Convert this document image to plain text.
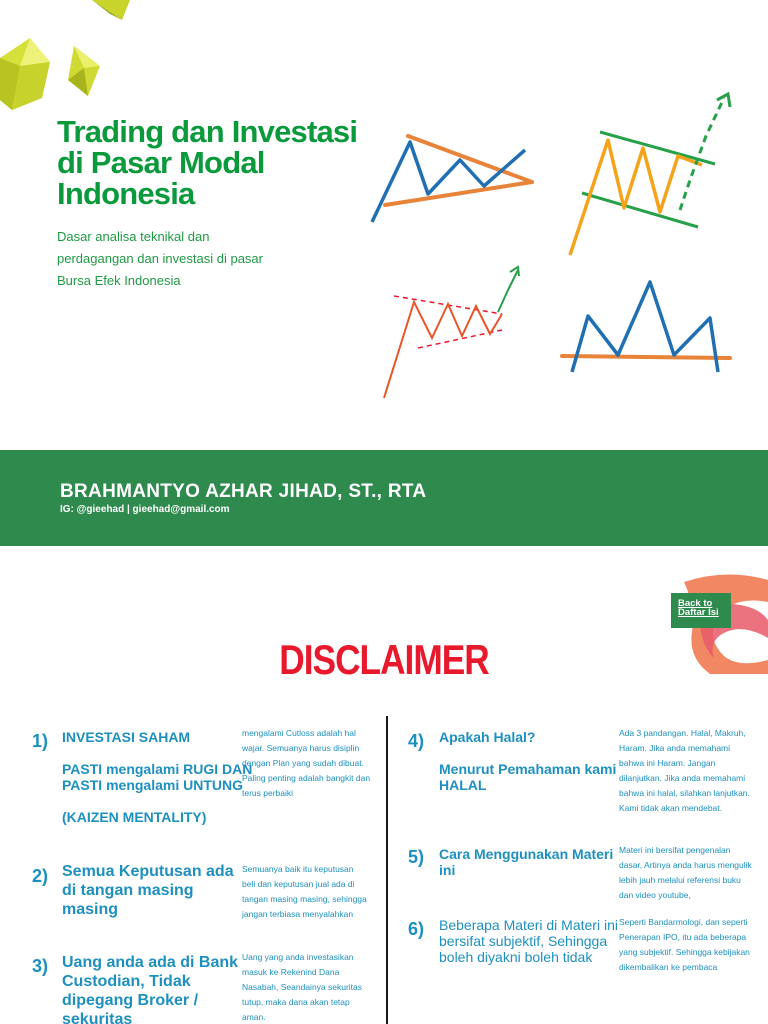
Trading dan Investasi
di Pasar Modal
Indonesia
Dasar analisa teknikal dan
perdagangan dan investasi di pasar
Bursa Efek Indonesia
BRAHMANTYO AZHAR JIHAD, ST., RTA
IG: @gieehad | gieehad@gmail.com
Back to
Daftar Isi
DISCLAIMER
1) INVESTASI SAHAM
PASTI mengalami RUGI DAN
PASTI mengalami UNTUNG
(KAIZEN MENTALITY)
mengalami Cutloss adalah hal
wajar. Semuanya harus disiplin
dengan Plan yang sudah dibuat.
Paling penting adalah bangkit dan
terus perbaiki
2) Semua Keputusan ada
di tangan masing
masing
Semuanya baik itu keputusan
beli dan keputusan jual ada di
tangan masing masing, sehingga
jangan terbiasa menyalahkan
3) Uang anda ada di Bank
Custodian, Tidak
dipegang Broker /
sekuritas
Uang yang anda investasikan
masuk ke Rekenind Dana
Nasabah, Seandainya sekuritas
tutup, maka dana akan tetap
aman.
4) Apakah Halal?
Menurut Pemahaman kami
HALAL
Ada 3 pandangan. Halal, Makruh,
Haram. Jika anda memahami
bahwa ini Haram. Jangan
dilanjutkan. Jika anda memahami
bahwa ini halal, silahkan lanjutkan.
Kami tidak akan mendebat.
5) Cara Menggunakan Materi
ini
Materi ini bersifat pengenalan
dasar, Artinya anda harus mengulik
lebih jauh melalui referensi buku
dan video youtube,
6) Beberapa Materi di Materi ini
bersifat subjektif, Sehingga
boleh diyakni boleh tidak
Seperti Bandarmologi, dan seperti
Penerapan IPO, itu ada beberapa
yang subjektif. Sehingga kebijakan
dikembalikan ke pembaca
